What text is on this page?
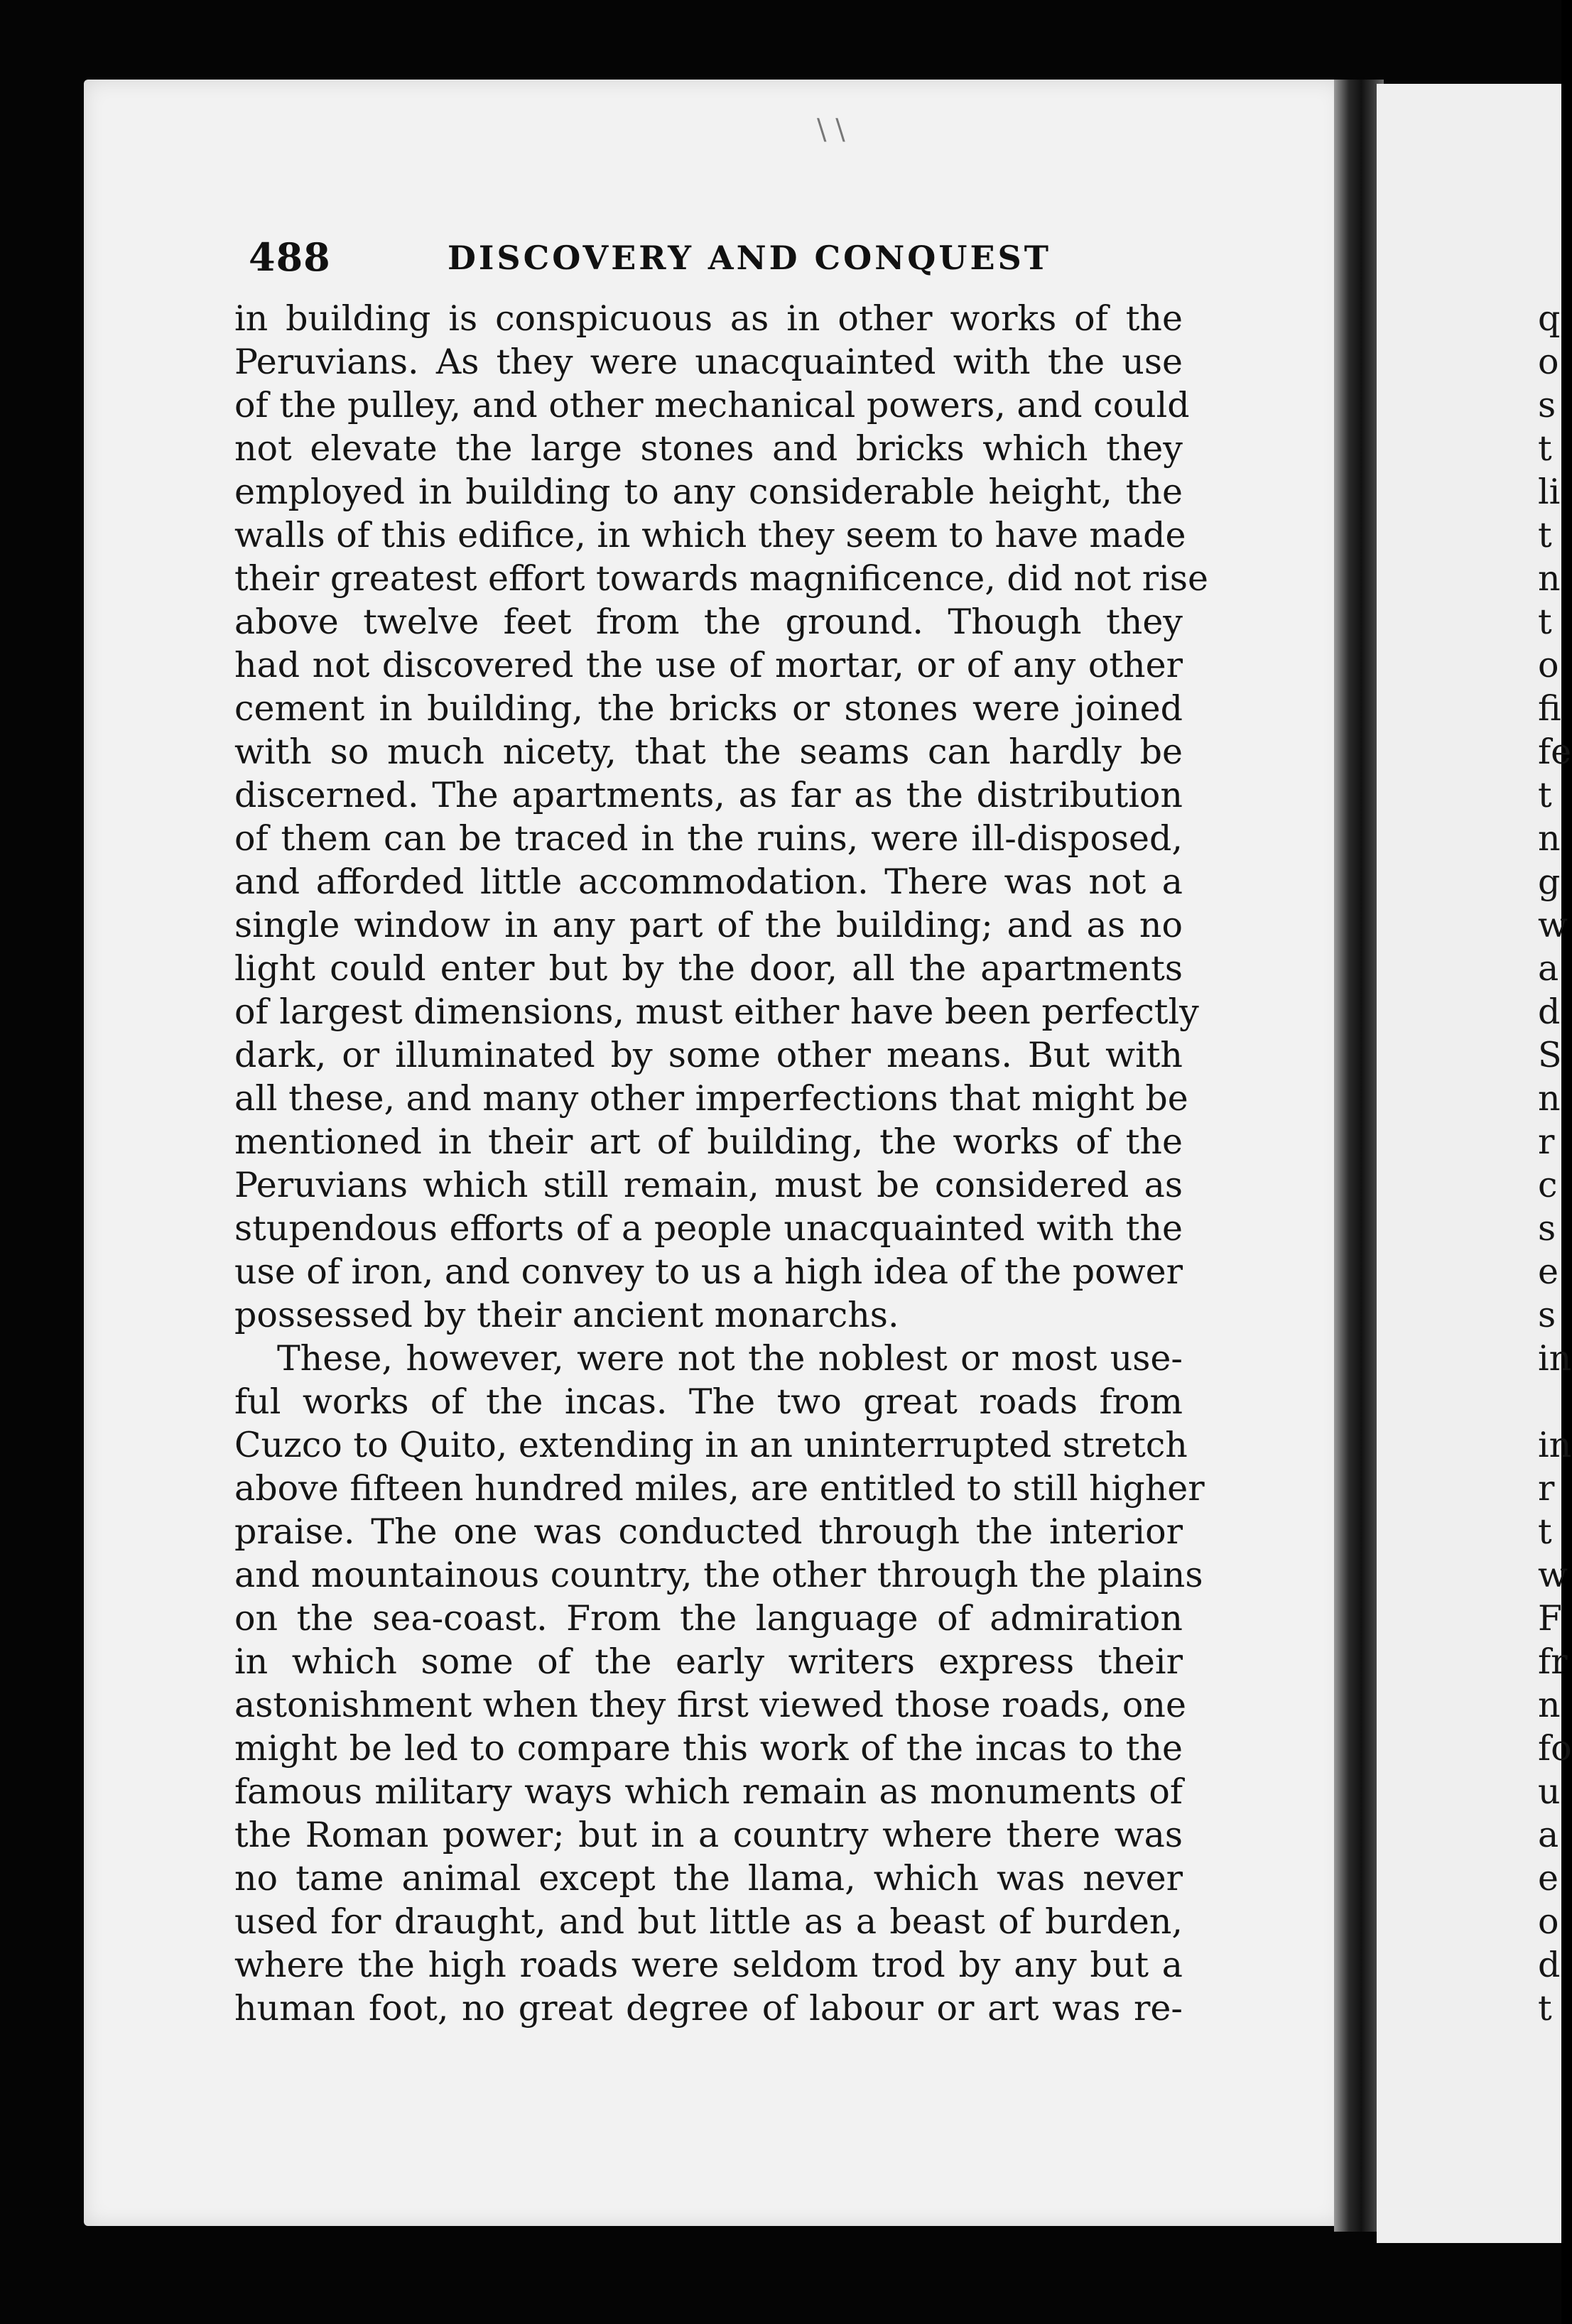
\ \
488	DISCOVERY AND CONQUEST
in building is conspicuous as in other works of the
Peruvians. As they were unacquainted with the use
of the pulley, and other mechanical powers, and could
not elevate the large stones and bricks which they
employed in building to any considerable height, the
walls of this edifice, in which they seem to have made
their greatest effort towards magnificence, did not rise
above twelve feet from the ground. Though they
had not discovered the use of mortar, or of any other
cement in building, the bricks or stones were joined
with so much nicety, that the seams can hardly be
discerned. The apartments, as far as the distribution
of them can be traced in the ruins, were ill-disposed,
and afforded little accommodation. There was not a
single window in any part of the building; and as no
light could enter but by the door, all the apartments
of largest dimensions, must either have been perfectly
dark, or illuminated by some other means. But with
all these, and many other imperfections that might be
mentioned in their art of building, the works of the
Peruvians which still remain, must be considered as
stupendous efforts of a people unacquainted with the
use of iron, and convey to us a high idea of the power
possessed by their ancient monarchs.
These, however, were not the noblest or most use-
ful works of the incas. The two great roads from
Cuzco to Quito, extending in an uninterrupted stretch
above fifteen hundred miles, are entitled to still higher
praise. The one was conducted through the interior
and mountainous country, the other through the plains
on the sea-coast. From the language of admiration
in which some of the early writers express their
astonishment when they first viewed those roads, one
might be led to compare this work of the incas to the
famous military ways which remain as monuments of
the Roman power; but in a country where there was
no tame animal except the llama, which was never
used for draught, and but little as a beast of burden,
where the high roads were seldom trod by any but a
human foot, no great degree of labour or art was re-
q
o
s
t
li
t
n
t
o
fi
fe
t
n
g
w
a
d
S
n
r
c
s
e
s
in
in
r
t
w
F
fr
n
fo
u
a
e
o
d
t
